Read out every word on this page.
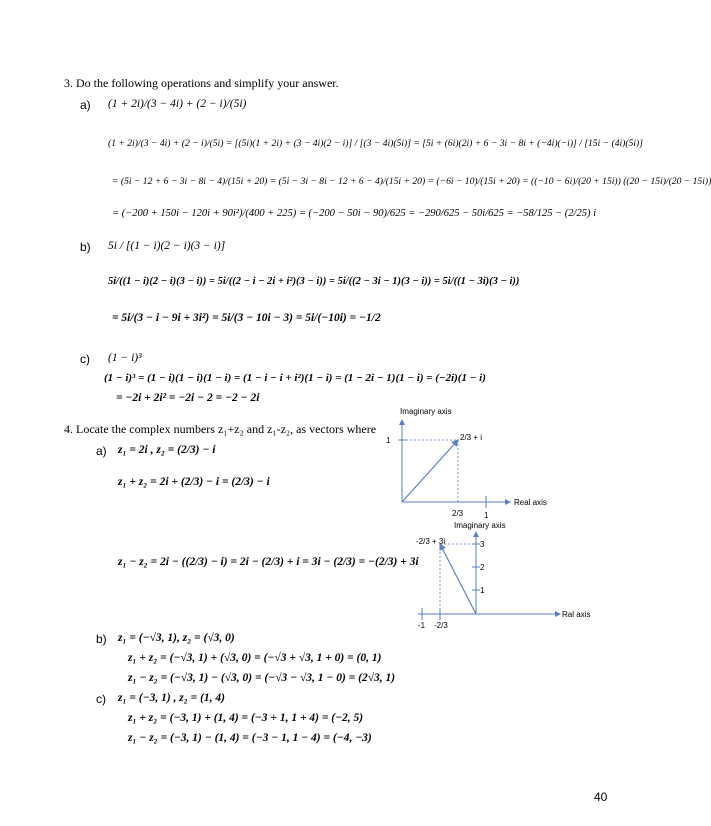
3. Do the following operations and simplify your answer.
a) (1 + 2i)/(3 − 4i) + (2 − i)/(5i)
(1 + 2i)/(3 − 4i) + (2 − i)/(5i) = [(5i)(1 + 2i) + (3 − 4i)(2 − i)] / [(3 − 4i)(5i)] = [5i + (6i)(2i) + 6 − 3i − 8i + (−4i)(−i)] / [15i − (4i)(5i)]
= (5i − 12 + 6 − 3i − 8i − 4)/(15i + 20) = (5i − 3i − 8i − 12 + 6 − 4)/(15i + 20) = (−6i − 10)/(15i + 20) = ((−10 − 6i)/(20 + 15i)) ((20 − 15i)/(20 − 15i))
= (−200 + 150i − 120i + 90i²)/(400 + 225) = (−200 − 50i − 90)/625 = −290/625 − 50i/625 = −58/125 − (2/25) i
b) 5i / [(1 − i)(2 − i)(3 − i)]
5i/((1 − i)(2 − i)(3 − i)) = 5i/((2 − i − 2i + i²)(3 − i)) = 5i/((2 − 3i − 1)(3 − i)) = 5i/((1 − 3i)(3 − i))
= 5i/(3 − i − 9i + 3i²) = 5i/(3 − 10i − 3) = 5i/(−10i) = −1/2
c) (1 − i)³
(1 − i)³ = (1 − i)(1 − i)(1 − i) = (1 − i − i + i²)(1 − i) = (1 − 2i − 1)(1 − i) = (−2i)(1 − i)
= −2i + 2i² = −2i − 2 = −2 − 2i
4. Locate the complex numbers z₁+z₂ and z₁-z₂, as vectors where
a) z₁ = 2i , z₂ = (2/3) − i
z₁ + z₂ = 2i + (2/3) − i = (2/3) − i
z₁ − z₂ = 2i − ((2/3) − i) = 2i − (2/3) + i = 3i − (2/3) = −(2/3) + 3i
b) z₁ = (−√3, 1), z₂ = (√3, 0)
z₁ + z₂ = (−√3, 1) + (√3, 0) = (−√3 + √3, 1 + 0) = (0, 1)
z₁ − z₂ = (−√3, 1) − (√3, 0) = (−√3 − √3, 1 − 0) = (2√3, 1)
c) z₁ = (−3, 1) , z₂ = (1, 4)
z₁ + z₂ = (−3, 1) + (1, 4) = (−3 + 1, 1 + 4) = (−2, 5)
z₁ − z₂ = (−3, 1) − (1, 4) = (−3 − 1, 1 − 4) = (−4, −3)
Imaginary axis
Real axis
1	2/3 + i
2/3	1
Imaginary axis
Ral axis
-2/3 + 3i	3
2
1
-1 -2/3
40
